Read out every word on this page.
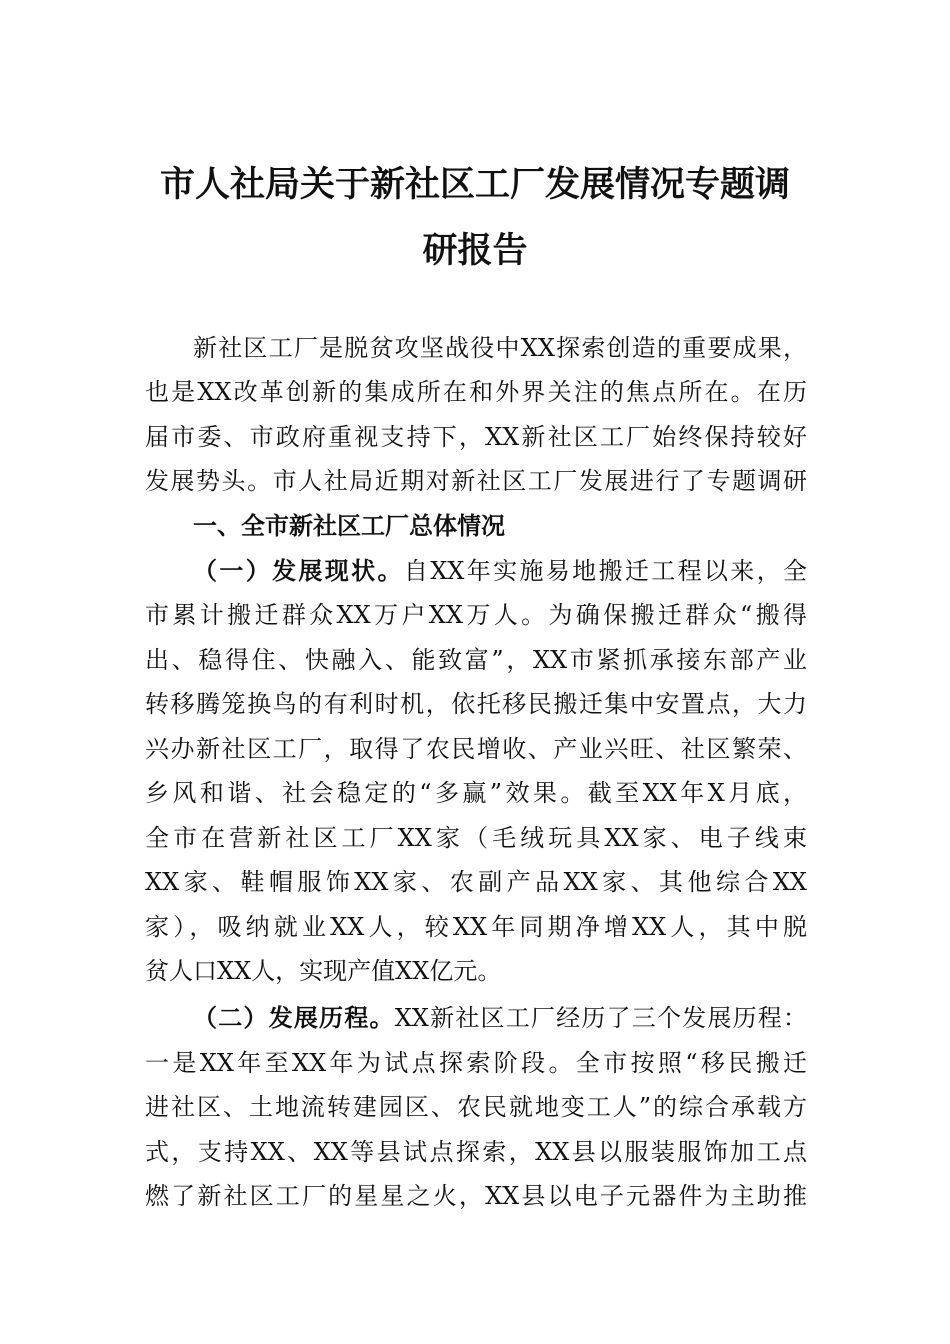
市人社局关于新社区工厂发展情况专题调
研报告

新社区工厂是脱贫攻坚战役中XX探索创造的重要成果，

也是XX改革创新的集成所在和外界关注的焦点所在。在历

届市委、市政府重视支持下，XX新社区工厂始终保持较好

发展势头。市人社局近期对新社区工厂发展进行了专题调研

一、全市新社区工厂总体情况

（一）发展现状。自XX年实施易地搬迁工程以来，全

市累计搬迁群众XX万户XX万人。为确保搬迁群众“搬得

出、稳得住、快融入、能致富”，XX市紧抓承接东部产业

转移腾笼换鸟的有利时机，依托移民搬迁集中安置点，大力

兴办新社区工厂，取得了农民增收、产业兴旺、社区繁荣、

乡风和谐、社会稳定的“多赢”效果。截至XX年X月底，

全市在营新社区工厂XX家（毛绒玩具XX家、电子线束

XX家、鞋帽服饰XX家、农副产品XX家、其他综合XX

家），吸纳就业XX人，较XX年同期净增XX人，其中脱

贫人口XX人，实现产值XX亿元。

（二）发展历程。XX新社区工厂经历了三个发展历程：

一是XX年至XX年为试点探索阶段。全市按照“移民搬迁

进社区、土地流转建园区、农民就地变工人”的综合承载方

式，支持XX、XX等县试点探索，XX县以服装服饰加工点

燃了新社区工厂的星星之火，XX县以电子元器件为主助推
